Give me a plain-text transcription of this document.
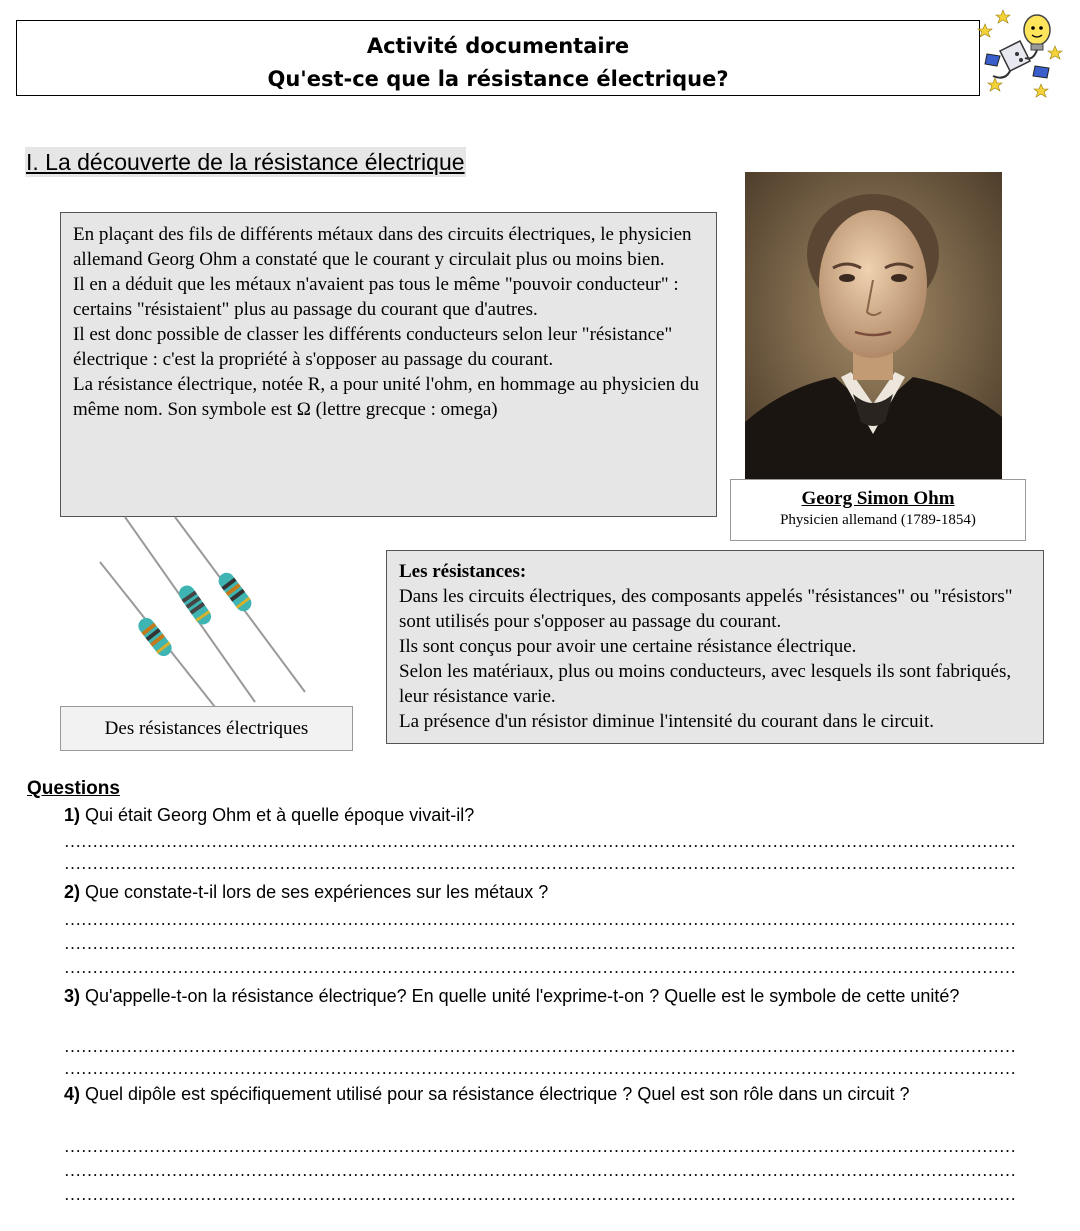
Activité documentaire
Qu'est-ce que la résistance électrique?
I. La découverte de la résistance électrique

En plaçant des fils de différents métaux dans des circuits électriques, le physicien allemand Georg Ohm a constaté que le courant y circulait plus ou moins bien.

Il en a déduit que les métaux n'avaient pas tous le même "pouvoir conducteur" : certains "résistaient" plus au passage du courant que d'autres.

Il est donc possible de classer les différents conducteurs selon leur "résistance" électrique : c'est la propriété à s'opposer au passage du courant.

La résistance électrique, notée R, a pour unité l'ohm, en hommage au physicien du même nom. Son symbole est Ω (lettre grecque : omega)

Georg Simon Ohm
Physicien allemand (1789-1854)
Des résistances électriques

Les résistances:

Dans les circuits électriques, des composants appelés "résistances" ou "résistors" sont utilisés pour s'opposer au passage du courant.

Ils sont conçus pour avoir une certaine résistance électrique.

Selon les matériaux, plus ou moins conducteurs, avec lesquels ils sont fabriqués, leur résistance varie.

La présence d'un résistor diminue l'intensité du courant dans le circuit.

Questions
1) Qui était Georg Ohm et à quelle époque vivait-il?
……………………………………………………………………………………………………………………………………………………
……………………………………………………………………………………………………………………………………………………
2) Que constate-t-il lors de ses expériences sur les métaux ?
……………………………………………………………………………………………………………………………………………………
……………………………………………………………………………………………………………………………………………………
……………………………………………………………………………………………………………………………………………………
3) Qu'appelle-t-on la résistance électrique? En quelle unité l'exprime-t-on ? Quelle est le symbole de cette unité?
……………………………………………………………………………………………………………………………………………………
……………………………………………………………………………………………………………………………………………………
4) Quel dipôle est spécifiquement utilisé pour sa résistance électrique ? Quel est son rôle dans un circuit ?
……………………………………………………………………………………………………………………………………………………
……………………………………………………………………………………………………………………………………………………
……………………………………………………………………………………………………………………………………………………
